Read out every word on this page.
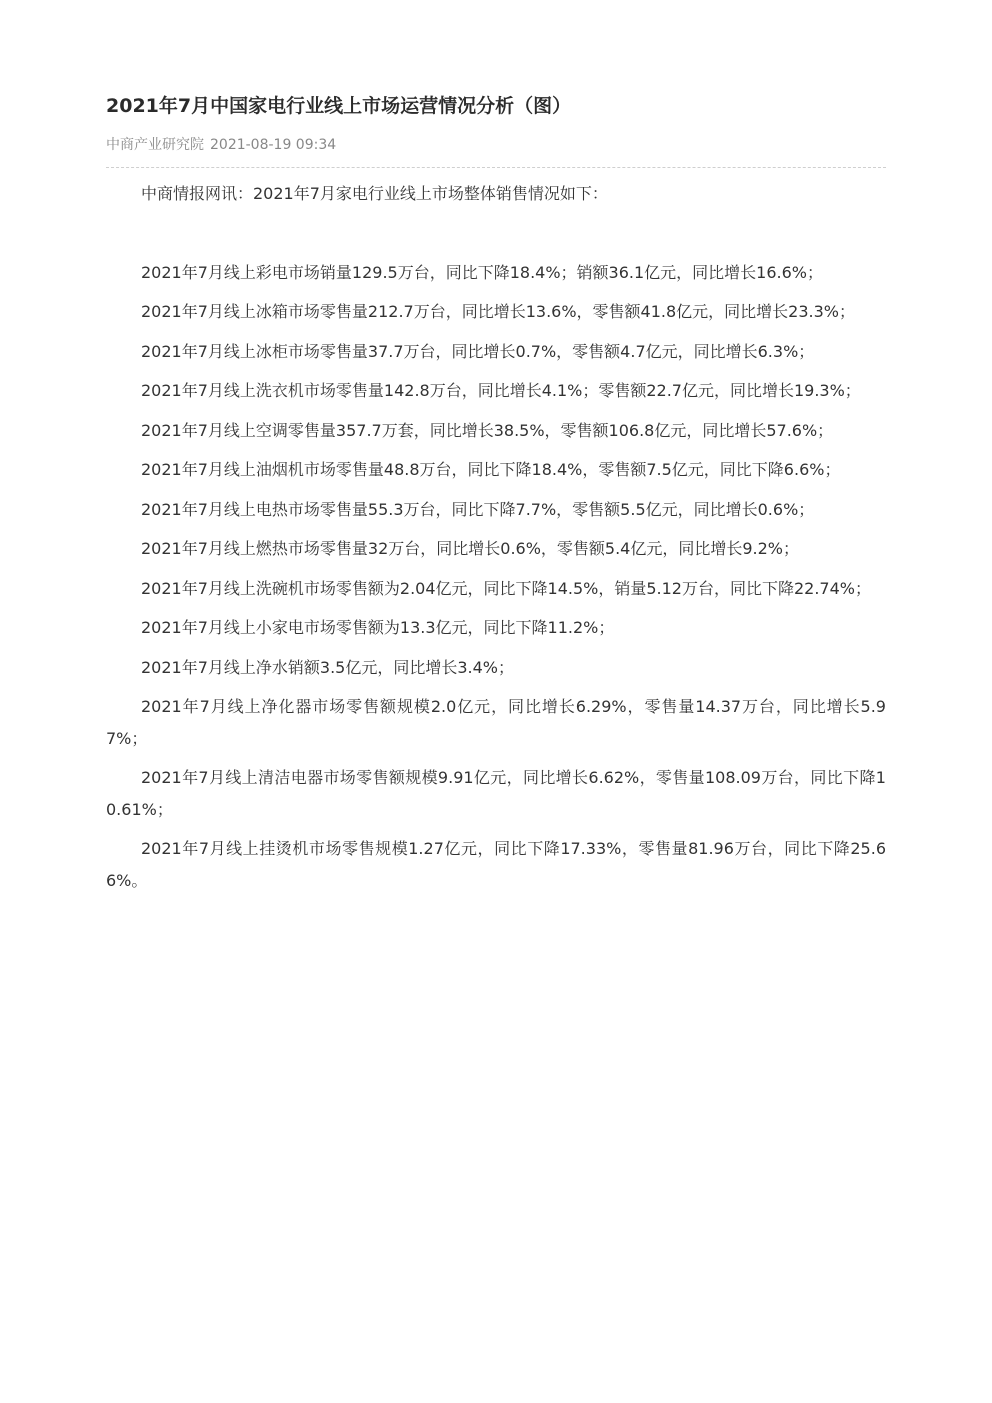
2021年7月中国家电行业线上市场运营情况分析（图）
中商产业研究院 2021-08-19 09:34

中商情报网讯：2021年7月家电行业线上市场整体销售情况如下：

2021年7月线上彩电市场销量129.5万台，同比下降18.4%；销额36.1亿元，同比增长16.6%；

2021年7月线上冰箱市场零售量212.7万台，同比增长13.6%，零售额41.8亿元，同比增长23.3%；

2021年7月线上冰柜市场零售量37.7万台，同比增长0.7%，零售额4.7亿元，同比增长6.3%；

2021年7月线上洗衣机市场零售量142.8万台，同比增长4.1%；零售额22.7亿元，同比增长19.3%；

2021年7月线上空调零售量357.7万套，同比增长38.5%，零售额106.8亿元，同比增长57.6%；

2021年7月线上油烟机市场零售量48.8万台，同比下降18.4%，零售额7.5亿元，同比下降6.6%；

2021年7月线上电热市场零售量55.3万台，同比下降7.7%，零售额5.5亿元，同比增长0.6%；

2021年7月线上燃热市场零售量32万台，同比增长0.6%，零售额5.4亿元，同比增长9.2%；

2021年7月线上洗碗机市场零售额为2.04亿元，同比下降14.5%，销量5.12万台，同比下降22.74%；

2021年7月线上小家电市场零售额为13.3亿元，同比下降11.2%；

2021年7月线上净水销额3.5亿元，同比增长3.4%；

2021年7月线上净化器市场零售额规模2.0亿元，同比增长6.29%，零售量14.37万台，同比增长5.97%；

2021年7月线上清洁电器市场零售额规模9.91亿元，同比增长6.62%，零售量108.09万台，同比下降10.61%；

2021年7月线上挂烫机市场零售规模1.27亿元，同比下降17.33%，零售量81.96万台，同比下降25.66%。
